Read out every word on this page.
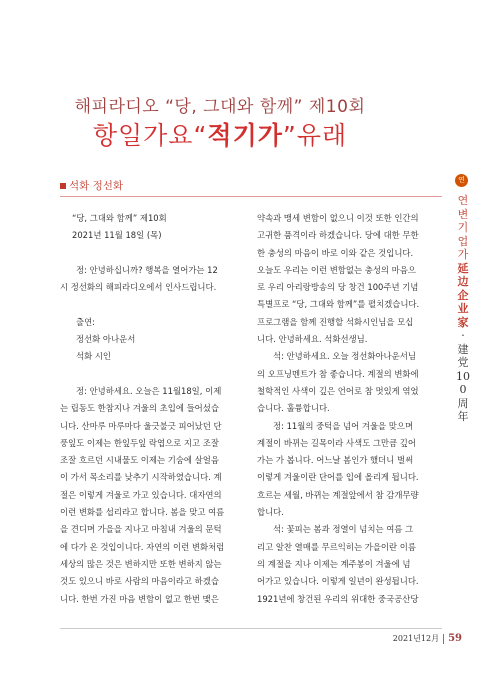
해피라디오 “당, 그대와 함께” 제10회
항일가요“적기가”유래
석화 정선화

“당, 그대와 함께” 제10회

2021년 11월 18일 (목)

정: 안녕하십니까? 행복을 열어가는 12

시 정선화의 해피라디오에서 인사드립니다.

출연:

정선화 아나운서

석화 시인

정: 안녕하세요. 오늘은 11월18일, 이제

는 립동도 한참지나 겨울의 초입에 들어섰습

니다. 산마루 마루마다 울긋불긋 피어났던 단

풍잎도 이제는 한잎두잎 락엽으로 지고 조잘

조잘 흐르던 시내물도 이제는 기숨에 살얼음

이 가서 목소리를 낮추기 시작하였습니다. 계

절은 이렇게 겨울로 가고 있습니다. 대자연의

이런 변화를 섭리라고 합니다. 봄을 맞고 여름

을 견디며 가을을 지나고 마침내 겨울의 문턱

에 다가 온 것입이니다. 자연의 이런 변화처럼

세상의 많은 것은 변하지만 또한 변하지 않는

것도 있으니 바로 사람의 마음이라고 하겠습

니다. 한번 가진 마음 변함이 없고 한번 맺은

약속과 맹세 변함이 없으니 이것 또한 인간의

고귀한 품격이라 하겠습니다. 당에 대한 무한

한 충성의 마음이 바로 이와 같은 것입니다.

오늘도 우리는 이런 변함없는 충성의 마음으

로 우리 아리랑방송의 당 창건 100주년 기념

특별프로 “당, 그대와 함께”를 펼치겠습니다.

프로그램을 함께 진행할 석화시인님을 모십

니다. 안녕하세요. 석화선생님.

석: 안녕하세요. 오늘 정선화아나운서님

의 오프닝멘트가 참 좋습니다. 계절의 변화에

철학적인 사색이 깊은 언어로 참 멋있게 엮었

습니다. 훌륭합니다.

정: 11월의 중턱을 넘어 겨울을 맞으며

계절이 바뀌는 길목이라 사색도 그만큼 깊어

가는 가 봅니다. 어느날 봄인가 했더니 벌써

이렇게 겨울이란 단어를 입에 올리게 됩니다.

흐르는 세월, 바뀌는 계절앞에서 참 감개무량

합니다.

석: 꽃피는 봄과 정열이 넘치는 여름 그

리고 알찬 열매를 무르익히는 가을이란 이름

의 계절을 지나 이제는 계주봉이 겨울에 넘

어가고 있습니다. 이렇게 일년이 완성됩니다.

1921년에 창건된 우리의 위대한 중국공산당

연
연변기업가延边企业家·建党100周年
2021년12月 59
